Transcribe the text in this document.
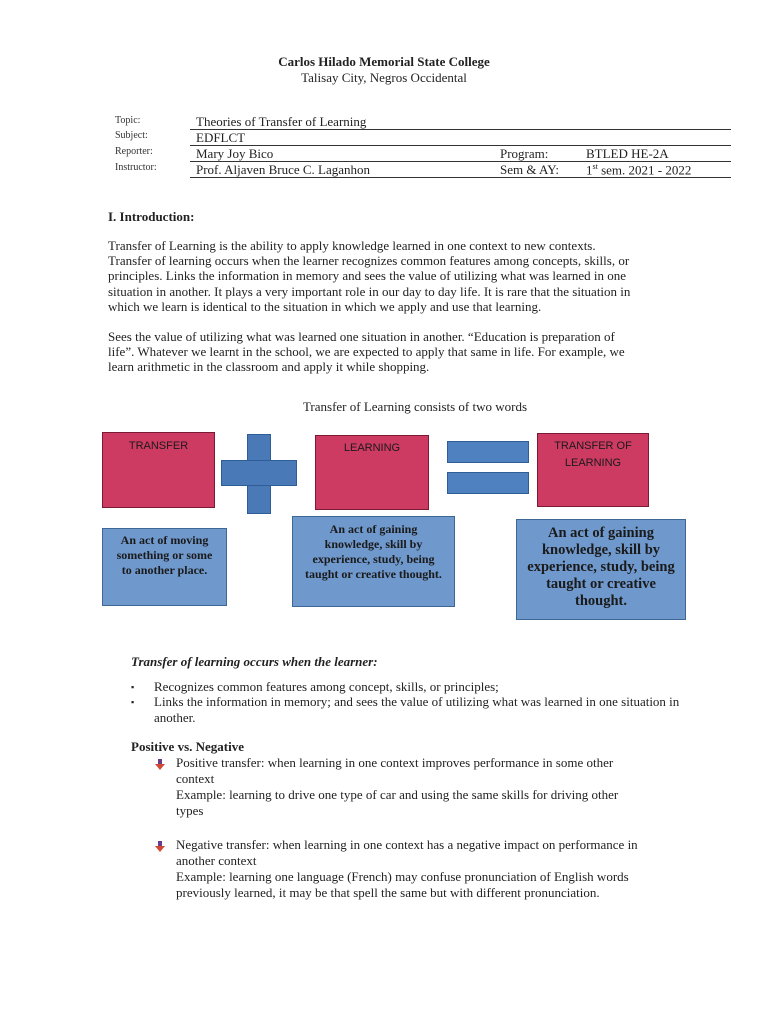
Carlos Hilado Memorial State College
Talisay City, Negros Occidental
Topic:	Theories of Transfer of Learning
Subject:	EDFLCT
Reporter:	Mary Joy Bico	Program:	BTLED HE-2A
Instructor:	Prof. Aljaven Bruce C. Laganhon	Sem & AY: 1st sem. 2021 - 2022
I. Introduction:
Transfer of Learning is the ability to apply knowledge learned in one context to new contexts.
Transfer of learning occurs when the learner recognizes common features among concepts, skills, or
principles. Links the information in memory and sees the value of utilizing what was learned in one
situation in another. It plays a very important role in our day to day life. It is rare that the situation in
which we learn is identical to the situation in which we apply and use that learning.
Sees the value of utilizing what was learned one situation in another. “Education is preparation of
life”. Whatever we learnt in the school, we are expected to apply that same in life. For example, we
learn arithmetic in the classroom and apply it while shopping.
Transfer of Learning consists of two words
TRANSFER	LEARNING	TRANSFER OF LEARNING
An act of moving something or some to another place.
An act of gaining knowledge, skill by experience, study, being taught or creative thought.
An act of gaining knowledge, skill by experience, study, being taught or creative thought.
Transfer of learning occurs when the learner:
▪ Recognizes common features among concept, skills, or principles;
▪ Links the information in memory; and sees the value of utilizing what was learned in one situation in another.
Positive vs. Negative
Positive transfer: when learning in one context improves performance in some other
context
Example: learning to drive one type of car and using the same skills for driving other
types
Negative transfer: when learning in one context has a negative impact on performance in
another context
Example: learning one language (French) may confuse pronunciation of English words
previously learned, it may be that spell the same but with different pronunciation.
